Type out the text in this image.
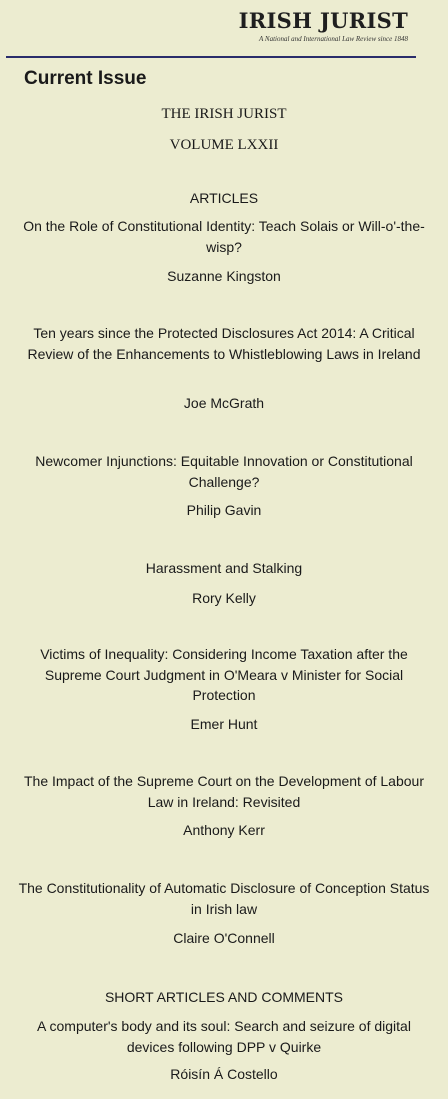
IRISH JURIST
A National and International Law Review since 1848
Current Issue
THE IRISH JURIST
VOLUME LXXII
ARTICLES
On the Role of Constitutional Identity: Teach Solais or Will-o'-the-wisp?
Suzanne Kingston
Ten years since the Protected Disclosures Act 2014: A Critical Review of the Enhancements to Whistleblowing Laws in Ireland
Joe McGrath
Newcomer Injunctions: Equitable Innovation or Constitutional Challenge?
Philip Gavin
Harassment and Stalking
Rory Kelly
Victims of Inequality: Considering Income Taxation after the Supreme Court Judgment in O'Meara v Minister for Social Protection
Emer Hunt
The Impact of the Supreme Court on the Development of Labour Law in Ireland: Revisited
Anthony Kerr
The Constitutionality of Automatic Disclosure of Conception Status in Irish law
Claire O'Connell
SHORT ARTICLES AND COMMENTS
A computer's body and its soul: Search and seizure of digital devices following DPP v Quirke
Róisín Á Costello
